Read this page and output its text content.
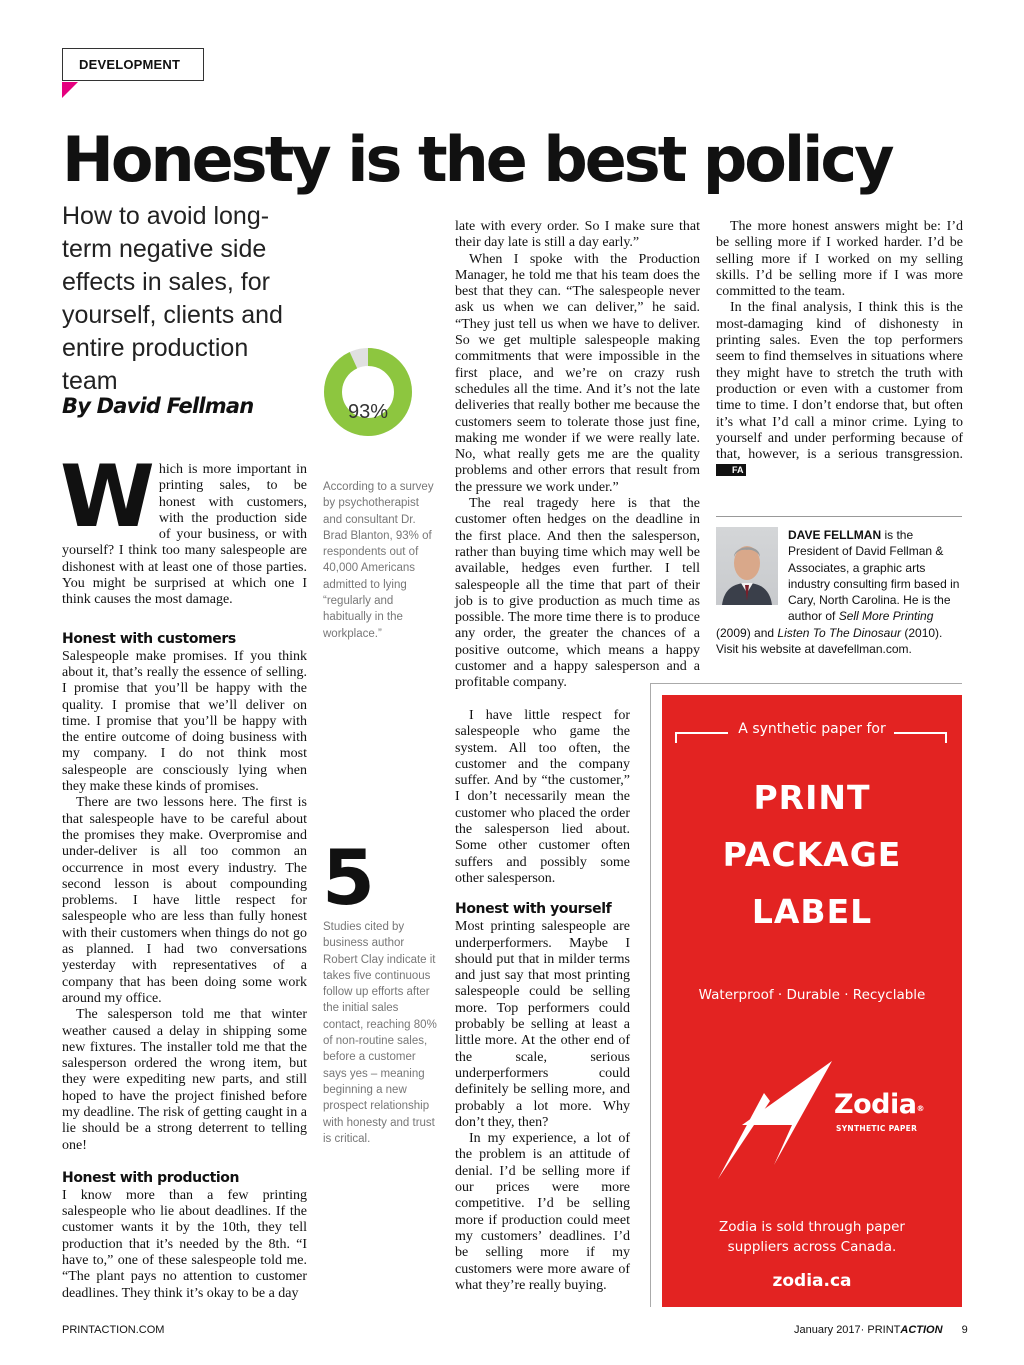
DEVELOPMENT
Honesty is the best policy
How to avoid long-term negative side effects in sales, for yourself, clients and entire production team
By David Fellman
W hich is more important in printing sales, to be honest with customers, with the production side of your business, or with yourself? I think too many salespeople are dishonest with at least one of those parties. You might be surprised at which one I think causes the most damage.

Honest with customers

Salespeople make promises. If you think about it, that’s really the essence of selling. I promise that you’ll be happy with the quality. I promise that we’ll deliver on time. I promise that you’ll be happy with the entire outcome of doing business with my company. I do not think most salespeople are consciously lying when they make these kinds of promises.

There are two lessons here. The first is that salespeople have to be careful about the promises they make. Overpromise and under-deliver is all too common an occurrence in most every industry. The second lesson is about compounding problems. I have little respect for salespeople who are less than fully honest with their customers when things do not go as planned. I had two conversations yesterday with representatives of a company that has been doing some work around my office.

The salesperson told me that winter weather caused a delay in shipping some new fixtures. The installer told me that the salesperson ordered the wrong item, but they were expediting new parts, and still hoped to have the project finished before my deadline. The risk of getting caught in a lie should be a strong deterrent to telling one!

Honest with production

I know more than a few printing salespeople who lie about deadlines. If the customer wants it by the 10th, they tell production that it’s needed by the 8th. “I have to,” one of these salespeople told me. “The plant pays no attention to customer deadlines. They think it’s okay to be a day

93%
According to a survey by psychotherapist and consultant Dr. Brad Blanton, 93% of respondents out of 40,000 Americans admitted to lying “regularly and habitually in the workplace.”
5
Studies cited by business author Robert Clay indicate it takes five continuous follow up efforts after the initial sales contact, reaching 80% of non-routine sales, before a customer says yes – meaning beginning a new prospect relationship with honesty and trust is critical.

late with every order. So I make sure that their day late is still a day early.”

When I spoke with the Production Manager, he told me that his team does the best that they can. “The salespeople never ask us when we can deliver,” he said. “They just tell us when we have to deliver. So we get multiple salespeople making commitments that were impossible in the first place, and we’re on crazy rush schedules all the time. And it’s not the late deliveries that really bother me because the customers seem to tolerate those just fine, making me wonder if we were really late. No, what really gets me are the quality problems and other errors that result from the pressure we work under.”

The real tragedy here is that the customer often hedges on the deadline in the first place. And then the salesperson, rather than buying time which may well be available, hedges even further. I tell salespeople all the time that part of their job is to give production as much time as possible. The more time there is to produce any order, the greater the chances of a positive outcome, which means a happy customer and a happy salesperson and a profitable company.

I have little respect for salespeople who game the system. All too often, the customer and the company suffer. And by “the customer,” I don’t necessarily mean the customer who placed the order the salesperson lied about. Some other customer often suffers and possibly some other salesperson.

Honest with yourself

Most printing salespeople are underperformers. Maybe I should put that in milder terms and just say that most printing salespeople could be selling more. Top performers could probably be selling at least a little more. At the other end of the scale, serious underperformers could definitely be selling more, and probably a lot more. Why don’t they, then?

In my experience, a lot of the problem is an attitude of denial. I’d be selling more if our prices were more competitive. I’d be selling more if production could meet my customers’ deadlines. I’d be selling more if my customers were more aware of what they’re really buying.

The more honest answers might be: I’d be selling more if I worked harder. I’d be selling more if I worked on my selling skills. I’d be selling more if I was more committed to the team.

In the final analysis, I think this is the most-damaging kind of dishonesty in printing sales. Even the top performers seem to find themselves in situations where they might have to stretch the truth with production or even with a customer from time to time. I don’t endorse that, but often it’s what I’d call a minor crime. Lying to yourself and under performing because of that, however, is a serious transgression. FA

DAVE FELLMAN is the President of David Fellman & Associates, a graphic arts industry consulting firm based in Cary, North Carolina. He is the author of Sell More Printing (2009) and Listen To The Dinosaur (2010). Visit his website at davefellman.com.
A synthetic paper for
PRINT
PACKAGE
LABEL
Waterproof · Durable · Recyclable
Zodia®
SYNTHETIC PAPER
Zodia is sold through paper suppliers across Canada.
zodia.ca
PRINTACTION.COM	January 2017· PRINTACTION 9
